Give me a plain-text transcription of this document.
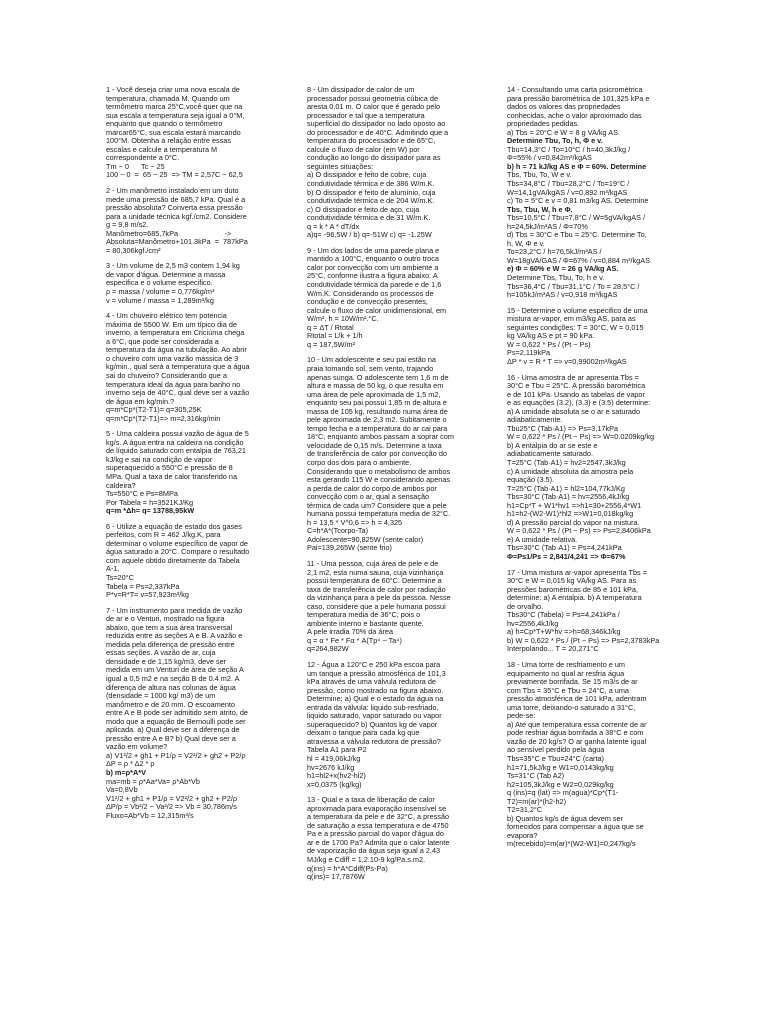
1 - Você deseja criar uma nova escala de
temperatura, chamada M. Quando um
termômetro marca 25°C,você quer que na
sua escala a temperatura seja igual a 0°M,
enquanto que quando o termômetro
marcar65°C, sua escala estará marcando
100°M. Obtenha a relação entre essas
escalas e calcule a temperatura M
correspondente a 0°C.
Tm − 0      Tc − 25
100 − 0  =  65 − 25  => TM = 2,57C − 62,5
2 - Um manômetro instalado em um duto
mede uma pressão de 685,7 kPa. Qual é a
pressão absoluta? Converta essa pressão
para a unidade técnica kgf./cm2. Considere
g = 9,8 m/s2.
Manômetro=685,7kPa                       ->
Absoluta=Manômetro+101.3kPa  =  787kPa
= 80,306kgf./cm²
3 - Um volume de 2,5 m3 contem 1,94 kg
de vapor d'água. Determine a massa
especifica e o volume especifico.
ρ = massa / volume = 0,776kg/m³
v = volume / massa = 1,289m³/kg
4 - Um chuveiro elétrico tem potencia
máxima de 5500 W. Em um típico dia de
inverno, a temperatura em Criciúma chega
a 6°C, que pode ser considerada a
temperatura da água na tubulação. Ao abrir
o chuveiro com uma vazão mássica de 3
kg/min., qual será a temperatura que a água
sai do chuveiro? Considerando que a
temperatura ideal da água para banho no
inverno seja de 40°C, qual deve ser a vazão
de água em kg/min.?
q=m*Cp*(T2-T1)= q=305,25K
q=m*Cp*(T2-T1)=> m=2,316kg/min
5 - Uma caldeira possui vazão de água de 5
kg/s. A água entra na caldeira na condição
de líquido saturado com entalpia de 763,21
kJ/kg e sai na condição de vapor
superaquecido a 550°C e pressão de 8
MPa. Qual a taxa de calor transferido na
caldeira?
Ts=550°C e Ps=8MPa
Por Tabela = h=3521KJ/Kg
q=m *Δh= q= 13788,95kW
6 - Utilize a equação de estado dos gases
perfeitos, com R = 462 J/kg.K, para
determinar o volume específico de vapor de
água saturado a 20°C. Compare o resultado
com aquele obtido diretamente da Tabela
A-1.
Ts=20°C
Tabela = Ps=2,337kPa
P*v=R*T= v=57,923m³/kg
7 - Um instrumento para medida de vazão
de ar e o Venturi, mostrado na figura
abaixo, que tem a sua área transversal
reduzida entre as seções A e B. A vazão e
medida pela diferença de pressão entre
essas seções. A vazão de ar, cuja
densidade e de 1,15 kg/m3, deve ser
medida em um Venturi de área de seção A
igual a 0,5 m2 e na seção B de 0.4 m2. A
diferença de altura nas colunas de água
(densidade = 1000 kg/ m3) de um
manômetro e de 20 mm. O escoamento
entre A e B pode ser admitido sem atrito, de
modo que a equação de Bernoulli pode ser
aplicada. a) Qual deve ser a diferença de
pressão entre A e B? b) Qual deve ser a
vazão em volume?
a) V1²/2 + gh1 + P1/ρ = V2²/2 + gh2 + P2/ρ
ΔP = ρ * Δ2 * ρ
b) m=ρ*A*V
ma=mb = ρ*Aa*Va= ρ*Ab*Vb
Va=0,8Vb
V1²/2 + gh1 + P1/ρ = V2²/2 + gh2 + P2/ρ
ΔP/ρ = Vb²/2 − Va²/2 => Vb = 30,786m/s
Fluxo=Ab*Vb = 12,315m³/s
8 - Um dissipador de calor de um
processador possui geometria cúbica de
aresta 0.01 m. O calor que é gerado pelo
processador e tal que a temperatura
superficial do dissipador no lado oposto ao
do processador e de 40°C. Admitindo que a
temperatura do processador e de 65°C,
calcule o fluxo de calor (em W) por
condução ao longo do dissipador para as
seguintes situações:
a) O dissipador e feito de cobre, cuja
condutividade térmica e de 386 W/m.K.
b) O dissipador e feito de alumínio, cuja
condutividade térmica e de 204 W/m.K.
c) O dissipador e feito de aço, cuja
condutividade térmica e de 31 W/m.K.
q = k * A * dT/dx
a)q= -96,5W / b) q=-51W c) q= -1.25W
9 - Um dos lados de uma parede plana e
mantido a 100°C, enquanto o outro troca
calor por convecção com um ambiente a
25°C, conforme ilustra a figura abaixo. A
condutividade térmica da parede e de 1,6
W/m.K. Considerando os processos de
condução e de convecção presentes,
calcule o fluxo de calor unidimensional, em
W/m², h = 10W/m².°C.
q = ΔT / Rtotal
Rtotal = L/k + 1/h
q = 187,5W/m²
10 - Um adolescente e seu pai estão na
praia tomando sol, sem vento, trajando
apenas sunga. O adolescente tem 1,6 m de
altura e massa de 50 kg, o que resulta em
uma área de pele aproximada de 1,5 m2,
enquanto seu pai possui 1,85 m de altura e
massa de 105 kg, resultando numa área de
pele aproximada de 2,3 m2. Subitamente o
tempo fecha e a temperatura do ar cai para
18°C, enquanto ambos passam a soprar com
velocidade de 0,15 m/s. Determine a taxa
de transferência de calor por convecção do
corpo dos dois para o ambiente.
Considerando que o metabolismo de ambos
esta gerando 115 W e considerando apenas
a perda de calor do corpo de ambos por
convecção com o ar, qual a sensação
térmica de cada um? Considere que a pele
humana possui temperatura media de 32°C.
h = 13,5 * V^0,6 => h = 4,325
C=h*A*(Tcorpo-Ta)
Adolescente=90,825W (sente calor)
Pai=139,265W (sente frio)
11 - Uma pessoa, cuja área de pele e de
2,1 m2, esta numa sauna, cuja vizinhança
possui temperatura de 60°C. Determine a
taxa de transferência de calor por radiação
da vizinhança para a pele da pessoa. Nesse
caso, considere que a pele humana possui
temperatura media de 36°C, pois o
ambiente interno e bastante quente.
A pele irradia 70% da área
q = α * Fe * Fα * A(Tp⁴ − Ta⁴)
q=264,982W
12 - Água a 120°C e 250 kPa escoa para
um tanque a pressão atmosférica de 101,3
kPa através de uma válvula redutora de
pressão, como mostrado na figura abaixo.
Determine: a) Qual e o estado da água na
entrada da válvula: liquido sub-resfriado,
liquido saturado, vapor saturado ou vapor
superaquecido? b) Quantos kg de vapor
deixam o tanque para cada kg que
atravessa a válvula redutora de pressão?
Tabela A1 para P2
hl = 419,06kJ/kg
hv=2676 kJ/kg
h1=hl2+x(hv2-hl2)
x=0,0375 (kg/kg)
13 - Qual e a taxa de liberação de calor
aproximada para evaporação insensível se
a temperatura da pele e de 32°C, a pressão
de saturação a essa temperatura e de 4750
Pa e a pressão parcial do vapor d'água do
ar e de 1700 Pa? Admita que o calor latente
de vaporização da água seja igual a 2,43
MJ/kg e Cdiff = 1,2.10-9 kg/Pa.s.m2.
q(ins) = h*A*Cdiff(Ps-Pa)
q(ins)= 17,7876W
14 - Consultando uma carta psicrométrica
para pressão barométrica de 101,325 kPa e
dados os valores das propriedades
conhecidas, ache o valor aproximado das
propriedades pedidas.
a) Tbs = 20°C e W = 8 g VA/kg AS.
Determine Tbu, To, h, Φ e v.
Tbu=14,3°C / To=10°C / h=40,3kJ/kg /
Φ=55% / v=0,842m³/kgAS
b) h = 71 kJ/kg AS e Φ = 60%. Determine
Tbs, Tbu, To, W e v.
Tbs=34,8°C / Tbu=28,2°C / To=19°C /
W=14,1gVA/kgAS / v=0,892 m³/kgAS
c) To = 5°C e v = 0,81 m3/kg AS. Determine
Tbs, Tbu, W, h e Φ.
Tbs=10,5°C / Tbu=7,8°C / W=5gVA/kgAS /
h=24,5kJ/m³AS / Φ=70%
d) Tbs = 30°C e Tbu = 25°C. Determine To,
h, W, Φ e v.
To=23,2°C / h=76,5kJ/m³AS /
W=18gVA/GAS / Φ=67% / v=0,884 m³/kgAS
e) Φ = 60% e W = 26 g VA/kg AS.
Determine Tbs, Tbu, To, h e v.
Tbs=36,4°C / Tbu=31,1°C / To = 28,5°C /
h=105kJ/m³AS / v=0,918 m³/kgAS
15 - Determine o volume especifico de uma
mistura ar-vapor, em m3/kg AS, para as
seguintes condições: T = 30°C, W = 0,015
kg VA/kg AS e pt = 90 kPa.
W = 0,622 * Ps / (Pt − Ps)
Ps=2,119kPa
ΔP * v = R * T => v=0,99002m³/kgAS
16 - Uma amostra de ar apresenta Tbs =
30°C e Tbu = 25°C. A pressão barométrica
e de 101 kPa. Usando as tabelas de vapor
e as equações (3.2), (3.3) e (3.5) determine:
a) A umidade absoluta se o ar e saturado
adiabaticamente.
Tbu25°C (Tab·A1) => Ps=3,17kPa
W = 0,622 * Ps / (Pt − Ps) => W=0.0209kg/kg
b) A entalpia do ar se este e
adiabaticamente saturado.
T=25°C (Tab·A1) = hv2=2547,3kJ/kg
c) A umidade absoluta da amostra pela
equação (3.5).
T=25°C (Tab·A1) = hl2=104,77kJ/Kg
Tbs=30°C (Tab·A1) = hv=2556,4kJ/kg
h1=Cp*T + W1*hv1 =>h1=30+2556,4*W1
h1=h2-(W2-W1)*hl2 =>W1=0,018kg/kg
d) A pressão parcial do vapor na mistura.
W = 0,622 * Ps / (Pt − Ps) => Ps=2,8406kPa
e) A umidade relativa.
Tbs=30°C (Tab·A1) = Ps=4,241kPa
Φ=Ps1/Ps = 2,841/4,241 => Φ=67%
17 - Uma mistura ar-vapor apresenta Tbs =
30°C e W = 0,015 kg VA/kg AS. Para as
pressões barométricas de 85 e 101 kPa,
determine: a) A entalpia. b) A temperatura
de orvalho.
Tbs30°C (Tabela) = Ps=4,241kPa /
hv=2556,4kJ/kg
a) h=Cp*T+W*hv =>h=68,346kJ/kg
b) W = 0,622 * Ps / (Pt − Ps) => Ps=2,3783kPa
Interpolando... T = 20,271°C
18 - Uma torre de resfriamento e um
equipamento no qual ar resfria água
previamente borrifada. Se 15 m3/s de ar
com Tbs = 35°C e Tbu = 24°C, a uma
pressão atmosférica de 101 kPa, adentram
uma torre, deixando-o saturado a 31°C,
pede-se:
a) Ate que temperatura essa corrente de ar
pode resfriar água borrifada a 38°C e com
vazão de 20 kg/s? O ar ganha latente igual
ao sensível perdido pela água
Tbs=35°C e Tbu=24°C (carta)
h1=71,5kJ/kg e W1=0,0143kg/kg
Ts=31°C (Tab A2)
h2=105,3kJ/kg e W2=0,029kg/kg
q (ins)=q (lat) => m(agua)*Cp*(T1-
T2)=m(ar)*(h2-h2)
T2=31,2°C
b) Quantos kg/s de água devem ser
fornecidos para compensar a água que se
evapora?
m(recebido)=m(ar)*(W2-W1)=0,247kg/s
